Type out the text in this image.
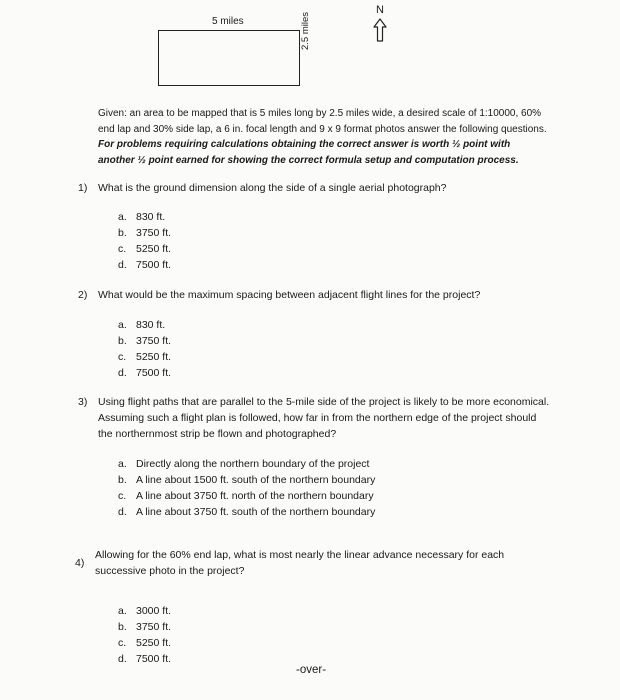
5 miles	2.5 miles
N
Given: an area to be mapped that is 5 miles long by 2.5 miles wide, a desired scale of 1:10000, 60% end lap and 30% side lap, a 6 in. focal length and 9 x 9 format photos answer the following questions. For problems requiring calculations obtaining the correct answer is worth ½ point with another ½ point earned for showing the correct formula setup and computation process.
1) What is the ground dimension along the side of a single aerial photograph?
a. 830 ft.
b. 3750 ft.
c. 5250 ft.
d. 7500 ft.
2) What would be the maximum spacing between adjacent flight lines for the project?
a. 830 ft.
b. 3750 ft.
c. 5250 ft.
d. 7500 ft.
3) Using flight paths that are parallel to the 5-mile side of the project is likely to be more economical. Assuming such a flight plan is followed, how far in from the northern edge of the project should the northernmost strip be flown and photographed?
a. Directly along the northern boundary of the project
b. A line about 1500 ft. south of the northern boundary
c. A line about 3750 ft. north of the northern boundary
d. A line about 3750 ft. south of the northern boundary
4)
Allowing for the 60% end lap, what is most nearly the linear advance necessary for each successive photo in the project?
a. 3000 ft.
b. 3750 ft.
c. 5250 ft.
d. 7500 ft.
-over-
